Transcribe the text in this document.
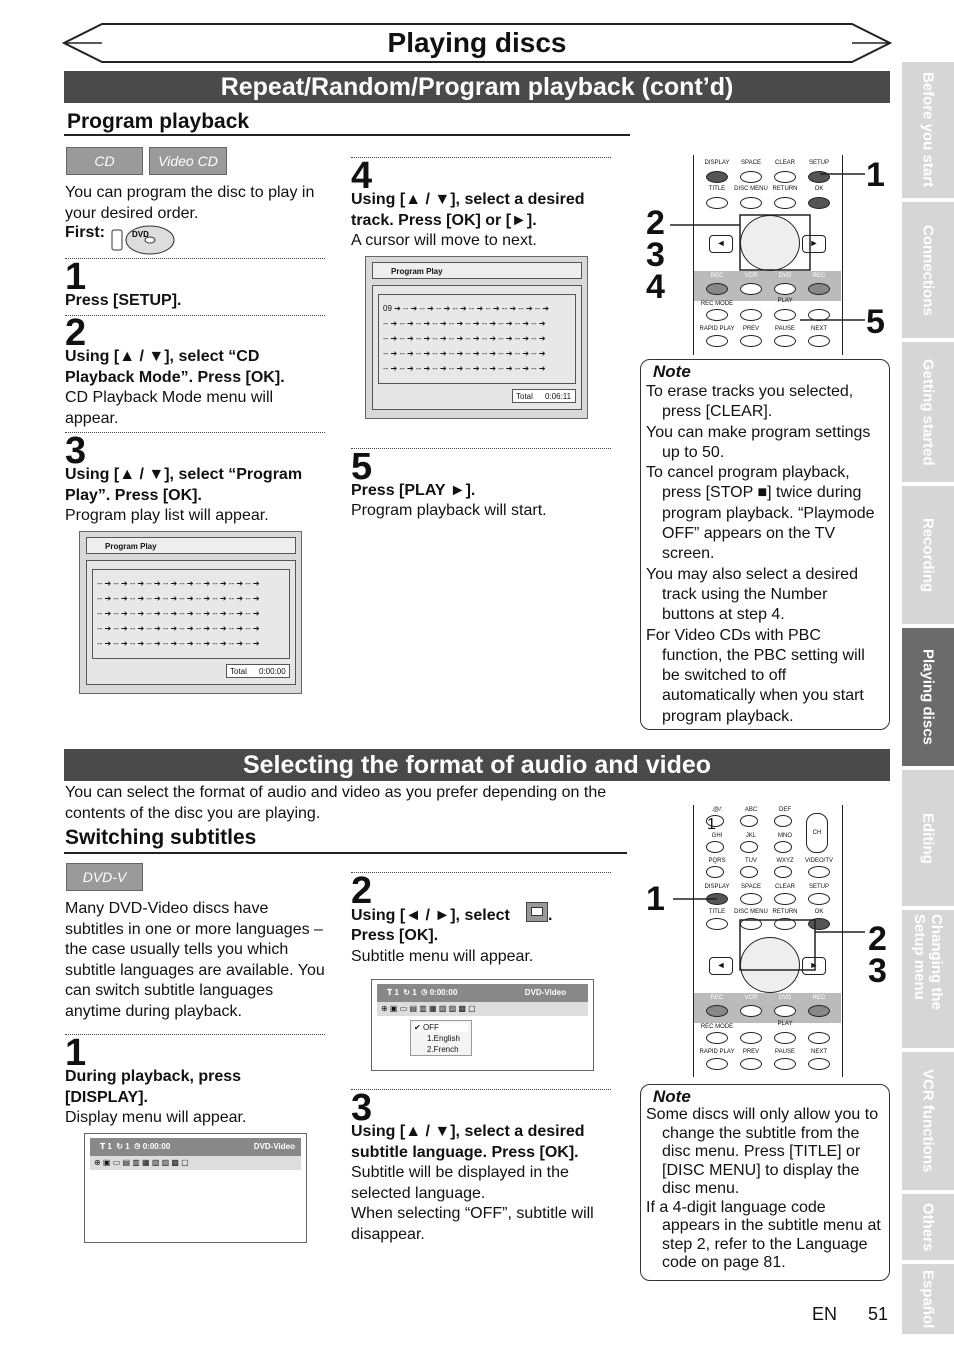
Playing discs
Repeat/Random/Program playback (cont’d)
Program playback
CD	Video CD
You can program the disc to play in your desired order.
First:	DVD
1
Press [SETUP].
2
Using [▲ / ▼], select “CD Playback Mode”. Press [OK].
CD Playback Mode menu will appear.
3
Using [▲ / ▼], select “Program Play”. Press [OK].
Program play list will appear.
Program Play
-- ➔ -- ➔ -- ➔ -- ➔ -- ➔ -- ➔ -- ➔ -- ➔ -- ➔ -- ➔
-- ➔ -- ➔ -- ➔ -- ➔ -- ➔ -- ➔ -- ➔ -- ➔ -- ➔ -- ➔
-- ➔ -- ➔ -- ➔ -- ➔ -- ➔ -- ➔ -- ➔ -- ➔ -- ➔ -- ➔
-- ➔ -- ➔ -- ➔ -- ➔ -- ➔ -- ➔ -- ➔ -- ➔ -- ➔ -- ➔
-- ➔ -- ➔ -- ➔ -- ➔ -- ➔ -- ➔ -- ➔ -- ➔ -- ➔ -- ➔
Total 0:00:00
4
Using [▲ / ▼], select a desired track. Press [OK] or [►].
A cursor will move to next.
Program Play
09 ➔ -- ➔ -- ➔ -- ➔ -- ➔ -- ➔ -- ➔ -- ➔ -- ➔ -- ➔
-- ➔ -- ➔ -- ➔ -- ➔ -- ➔ -- ➔ -- ➔ -- ➔ -- ➔ -- ➔
-- ➔ -- ➔ -- ➔ -- ➔ -- ➔ -- ➔ -- ➔ -- ➔ -- ➔ -- ➔
-- ➔ -- ➔ -- ➔ -- ➔ -- ➔ -- ➔ -- ➔ -- ➔ -- ➔ -- ➔
-- ➔ -- ➔ -- ➔ -- ➔ -- ➔ -- ➔ -- ➔ -- ➔ -- ➔ -- ➔
Total 0:06:11
5
Press [PLAY ►].
Program playback will start.
DISPLAY	SPACE	CLEAR	SETUP
TITLE	DISC MENU RETURN	OK
◄	►
REC	VCR	DVD	REC
REC MODE	PLAY
RAPID PLAY	PREV	PAUSE	NEXT
1
2
3
4
5
Note
To erase tracks you selected, press [CLEAR].
You can make program settings up to 50.
To cancel program playback, press [STOP ■] twice during program playback. “Playmode OFF” appears on the TV screen.
You may also select a desired track using the Number buttons at step 4.
For Video CDs with PBC function, the PBC setting will be switched to off automatically when you start program playback.
Selecting the format of audio and video
You can select the format of audio and video as you prefer depending on the contents of the disc you are playing.
Switching subtitles
DVD-V
Many DVD-Video discs have subtitles in one or more languages – the case usually tells you which subtitle languages are available. You can switch subtitle languages anytime during playback.
1
During playback, press [DISPLAY].
Display menu will appear.
𝐓 1  ↻ 1  ◷ 0:00:00	DVD-Video
⊕ ▣ ▭ ▤ ▥ ▦ ▧ ▨ ▩ ▢
2
Using [◄ / ►], select .
Press [OK].
Subtitle menu will appear.
𝐓 1  ↻ 1  ◷ 0:00:00	DVD-Video
⊕ ▣ ▭ ▤ ▥ ▦ ▧ ▨ ▩ ▢
✔ OFF
1.English
2.French
3
Using [▲ / ▼], select a desired subtitle language. Press [OK].
Subtitle will be displayed in the selected language.
When selecting “OFF”, subtitle will disappear.
.@/:	ABC	DEF
1	CH
GHI	JKL	MNO
PQRS	TUV	WXYZ	VIDEO/TV
DISPLAY	SPACE	CLEAR	SETUP
TITLE	DISC MENU RETURN	OK
◄	►
REC	VCR	DVD	REC
REC MODE	PLAY
RAPID PLAY	PREV	PAUSE	NEXT
1
2
3
Note
Some discs will only allow you to change the subtitle from the disc menu. Press [TITLE] or [DISC MENU] to display the disc menu.
If a 4-digit language code appears in the subtitle menu at step 2, refer to the Language code on page 81.
Before you start
Connections
Getting started
Recording
Playing discs
Editing
Changing the Setup menu
VCR functions
Others
Español
EN 51
